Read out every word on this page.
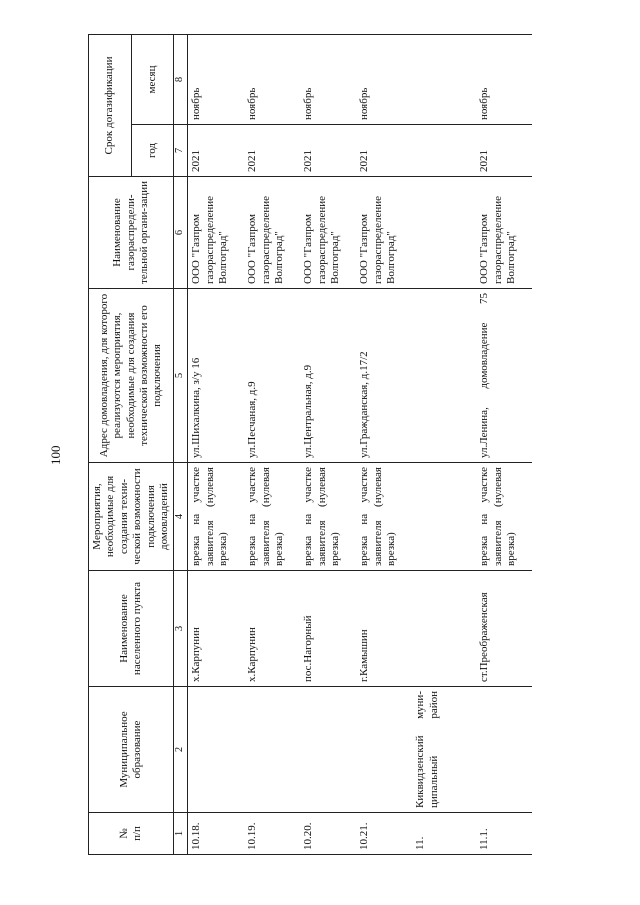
100
№
п/п	Муниципальное образование	Наименование населенного пункта	Мероприятия, необходимые для создания техни-ческой возможности подключения домовладений	Адрес домовладения, для которого реализуются мероприятия, необходимые для создания технической возможности его подключения	Наименование газораспредели-тельной органи-зации	Срок догазификации	
						год	месяц
1	2	3	4	5	6	7	8
10.18.		х.Карпунин	врезка на участке заявителя (нулевая врезка)	ул.Шихалкина, з/у 16	ООО "Газпром газораспределение Волгоград"	2021	ноябрь
10.19.		х.Карпунин	врезка на участке заявителя (нулевая врезка)	ул.Песчаная, д.9	ООО "Газпром газораспределение Волгоград"	2021	ноябрь
10.20.		пос.Нагорный	врезка на участке заявителя (нулевая врезка)	ул.Центральная, д.9	ООО "Газпром газораспределение Волгоград"	2021	ноябрь
10.21.		г.Камышин	врезка на участке заявителя (нулевая врезка)	ул.Гражданская, д.17/2	ООО "Газпром газораспределение Волгоград"	2021	ноябрь
11.	Киквидзенский муни-ципальный район						
11.1.		ст.Преображенская	врезка на участке заявителя (нулевая врезка)	ул.Ленина, домовладение 75	ООО "Газпром газораспределение Волгоград"	2021	ноябрь
